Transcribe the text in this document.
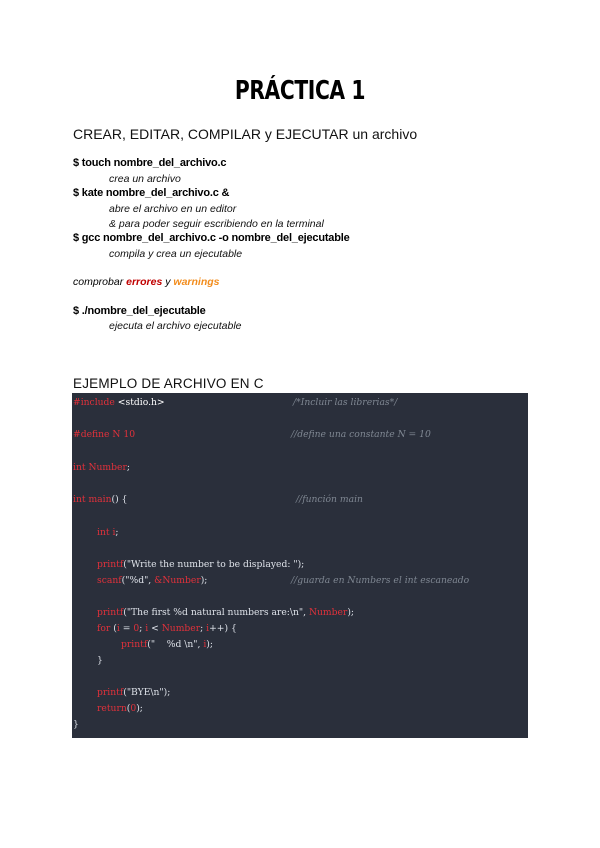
PRÁCTICA 1
CREAR, EDITAR, COMPILAR y EJECUTAR un archivo
$ touch nombre_del_archivo.c
crea un archivo
$ kate nombre_del_archivo.c &
abre el archivo en un editor
& para poder seguir escribiendo en la terminal
$ gcc nombre_del_archivo.c -o nombre_del_ejecutable
compila y crea un ejecutable
comprobar errores y warnings
$ ./nombre_del_ejecutable
ejecuta el archivo ejecutable
EJEMPLO DE ARCHIVO EN C
#include <stdio.h>	/*Incluir las librerias*/
#define N 10	//define una constante N = 10
int Number;
int main() {	//función main
int i;
printf("Write the number to be displayed: ");
scanf("%d", &Number);	//guarda en Numbers el int escaneado
printf("The first %d natural numbers are:\n", Number);
for (i = 0; i < Number; i++) {
printf("    %d \n", i);
}
printf("BYE\n");
return(0);
}
